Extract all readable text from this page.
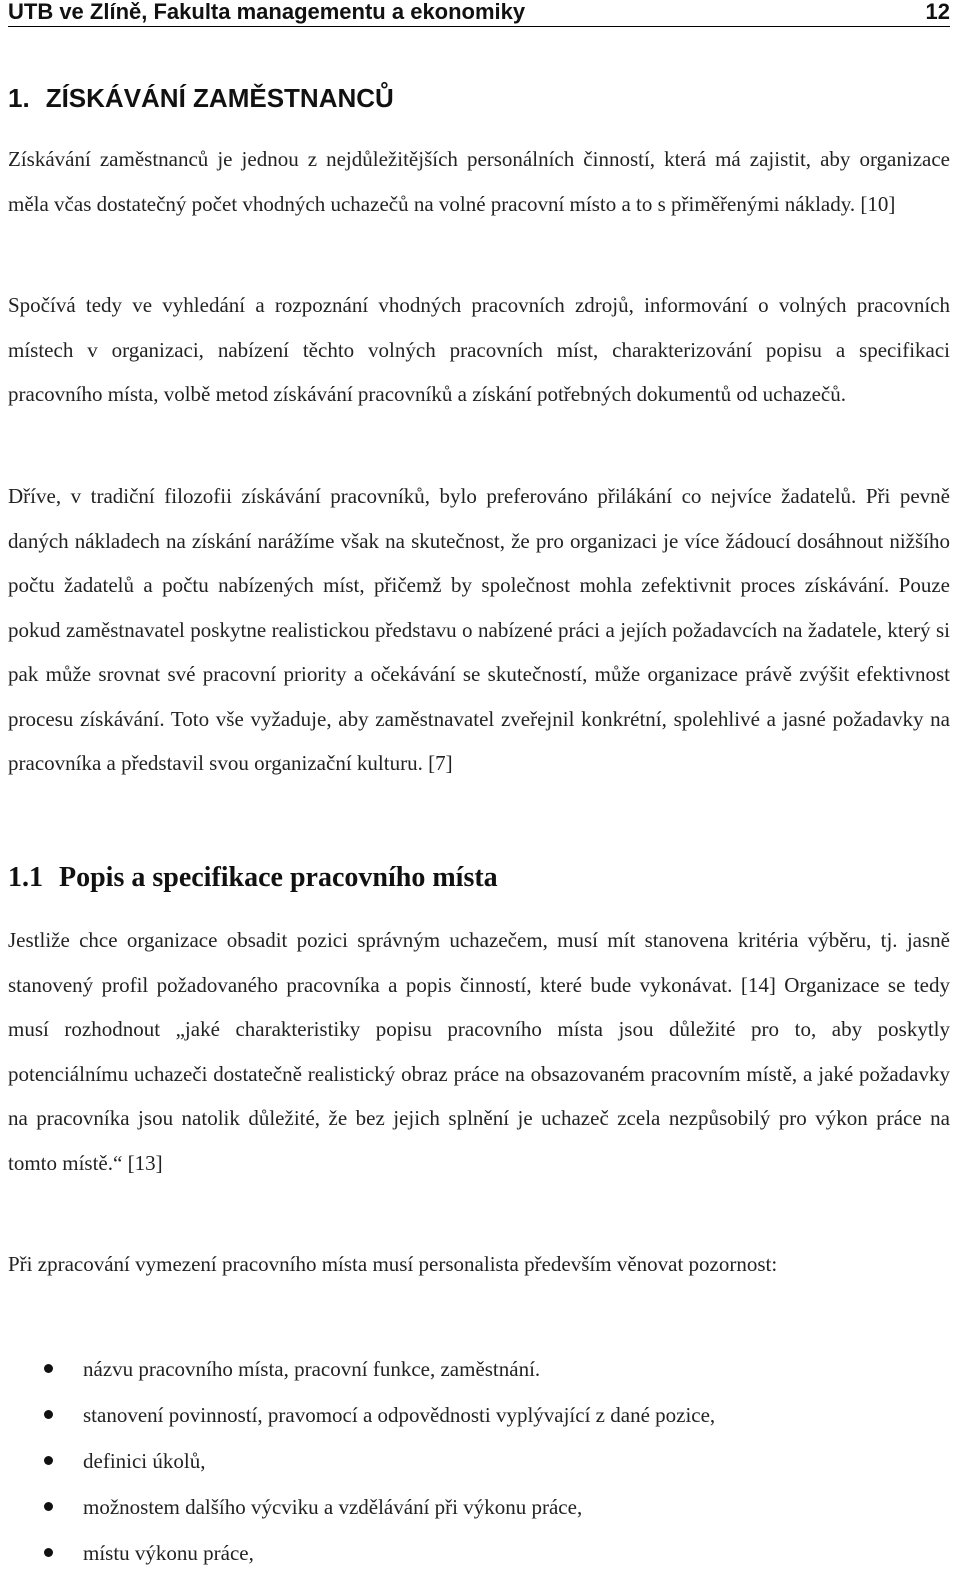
UTB ve Zlíně, Fakulta managementu a ekonomiky	12
1. ZÍSKÁVÁNÍ ZAMĚSTNANCŮ

Získávání zaměstnanců je jednou z nejdůležitějších personálních činností, která má zajistit, aby organizace měla včas dostatečný počet vhodných uchazečů na volné pracovní místo a to s přiměřenými náklady. [10]

Spočívá tedy ve vyhledání a rozpoznání vhodných pracovních zdrojů, informování o volných pracovních místech v organizaci, nabízení těchto volných pracovních míst, charakterizování popisu a specifikaci pracovního místa, volbě metod získávání pracovníků a získání potřebných dokumentů od uchazečů.

Dříve, v tradiční filozofii získávání pracovníků, bylo preferováno přilákání co nejvíce žadatelů. Při pevně daných nákladech na získání narážíme však na skutečnost, že pro organizaci je více žádoucí dosáhnout nižšího počtu žadatelů a počtu nabízených míst, přičemž by společnost mohla zefektivnit proces získávání. Pouze pokud zaměstnavatel poskytne realistickou představu o nabízené práci a jejích požadavcích na žadatele, který si pak může srovnat své pracovní priority a očekávání se skutečností, může organizace právě zvýšit efektivnost procesu získávání. Toto vše vyžaduje, aby zaměstnavatel zveřejnil konkrétní, spolehlivé a jasné požadavky na pracovníka a představil svou organizační kulturu. [7]

1.1 Popis a specifikace pracovního místa

Jestliže chce organizace obsadit pozici správným uchazečem, musí mít stanovena kritéria výběru, tj. jasně stanovený profil požadovaného pracovníka a popis činností, které bude vykonávat. [14] Organizace se tedy musí rozhodnout „jaké charakteristiky popisu pracovního místa jsou důležité pro to, aby poskytly potenciálnímu uchazeči dostatečně realistický obraz práce na obsazovaném pracovním místě, a jaké požadavky na pracovníka jsou natolik důležité, že bez jejich splnění je uchazeč zcela nezpůsobilý pro výkon práce na tomto místě.“ [13]

Při zpracování vymezení pracovního místa musí personalista především věnovat pozornost:

názvu pracovního místa, pracovní funkce, zaměstnání.
stanovení povinností, pravomocí a odpovědnosti vyplývající z dané pozice,
definici úkolů,
možnostem dalšího výcviku a vzdělávání při výkonu práce,
místu výkonu práce,
